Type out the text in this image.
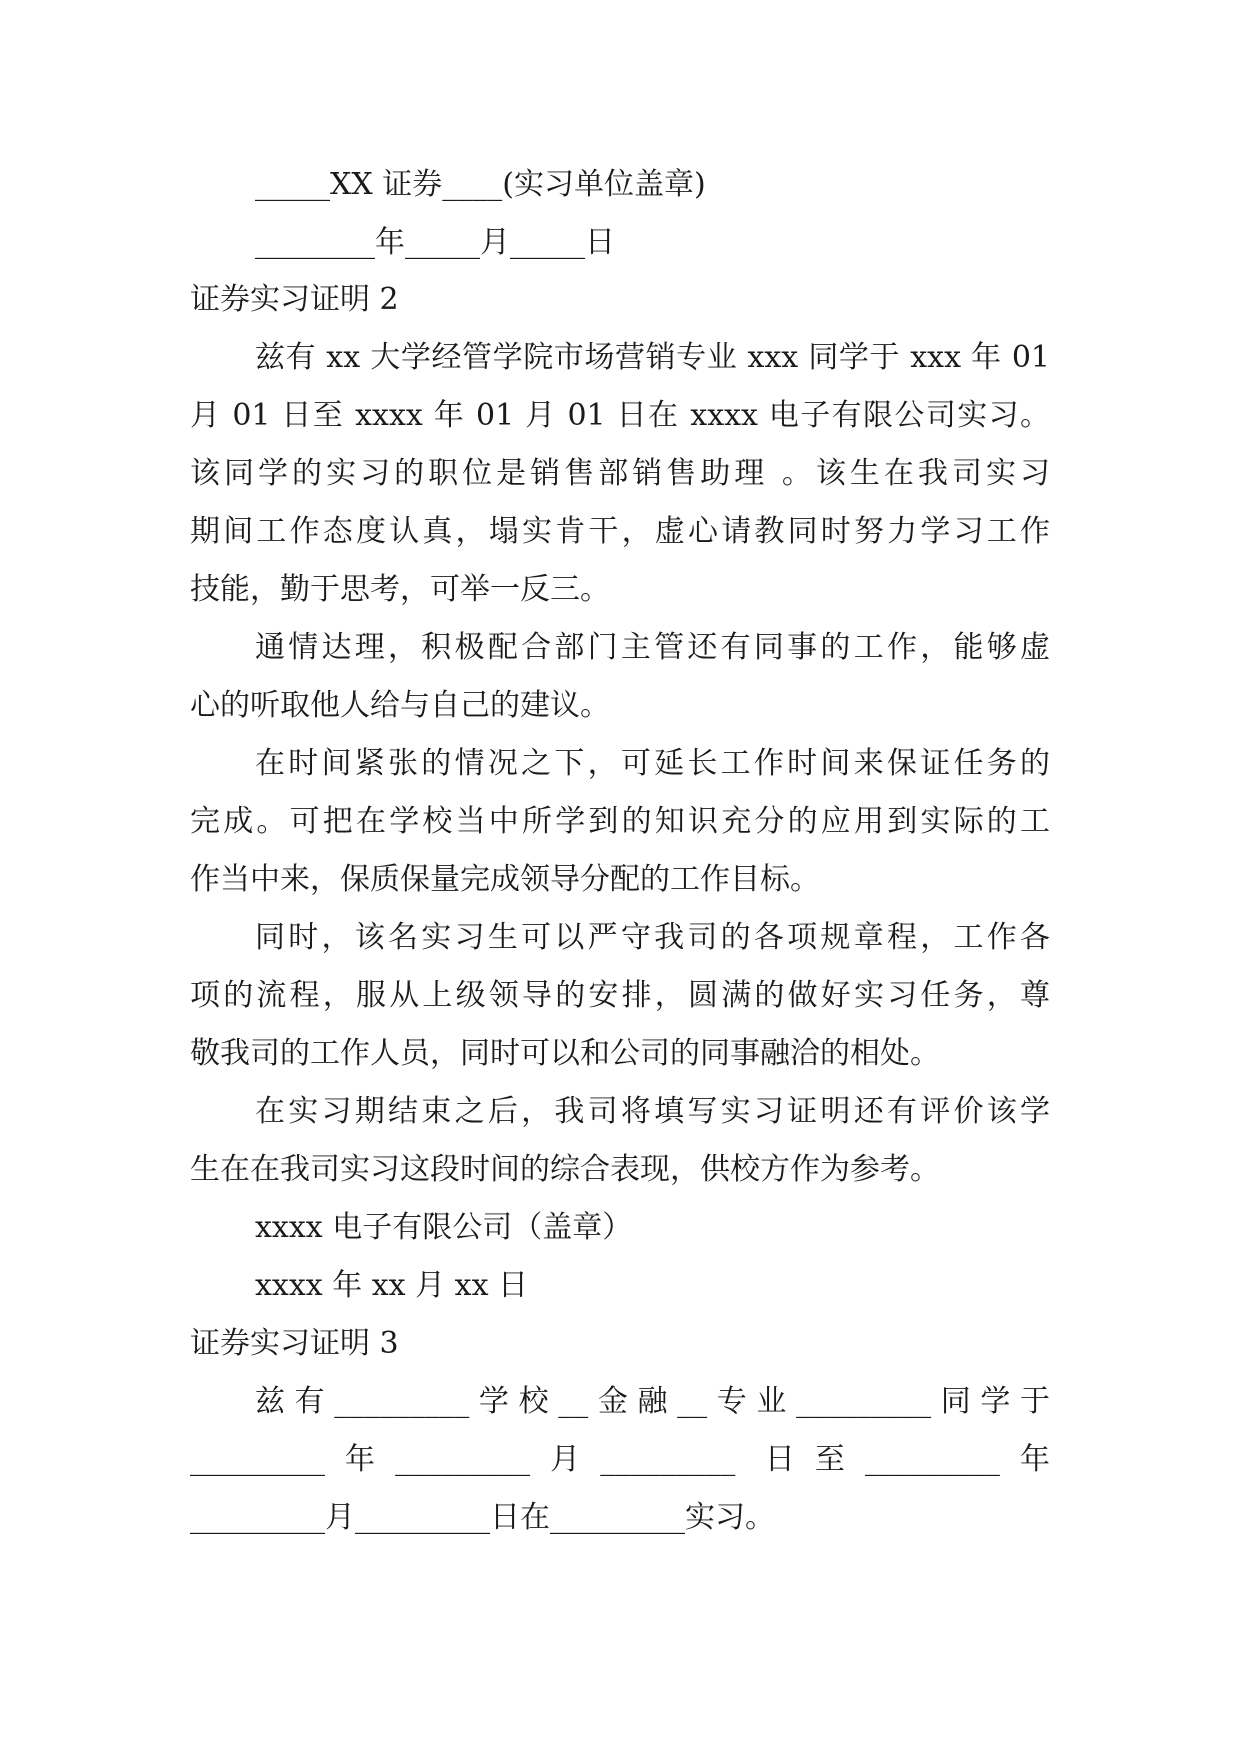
_____XX 证券____(实习单位盖章)
________年_____月_____日
证券实习证明 2
兹有 xx 大学经管学院市场营销专业 xxx 同学于 xxx 年 01
月 01 日至 xxxx 年 01 月 01 日在 xxxx 电子有限公司实习。
该同学的实习的职位是销售部销售助理 。该生在我司实习
期间工作态度认真，塌实肯干，虚心请教同时努力学习工作
技能，勤于思考，可举一反三。
通情达理，积极配合部门主管还有同事的工作，能够虚
心的听取他人给与自己的建议。
在时间紧张的情况之下，可延长工作时间来保证任务的
完成。可把在学校当中所学到的知识充分的应用到实际的工
作当中来，保质保量完成领导分配的工作目标。
同时，该名实习生可以严守我司的各项规章程，工作各
项的流程，服从上级领导的安排，圆满的做好实习任务，尊
敬我司的工作人员，同时可以和公司的同事融洽的相处。
在实习期结束之后，我司将填写实习证明还有评价该学
生在在我司实习这段时间的综合表现，供校方作为参考。
xxxx 电子有限公司（盖章）
xxxx 年 xx 月 xx 日
证券实习证明 3
兹有_________学校__金融__专业_________同学于
_________年_________月_________ 日至_________年
_________月_________日在_________实习。
